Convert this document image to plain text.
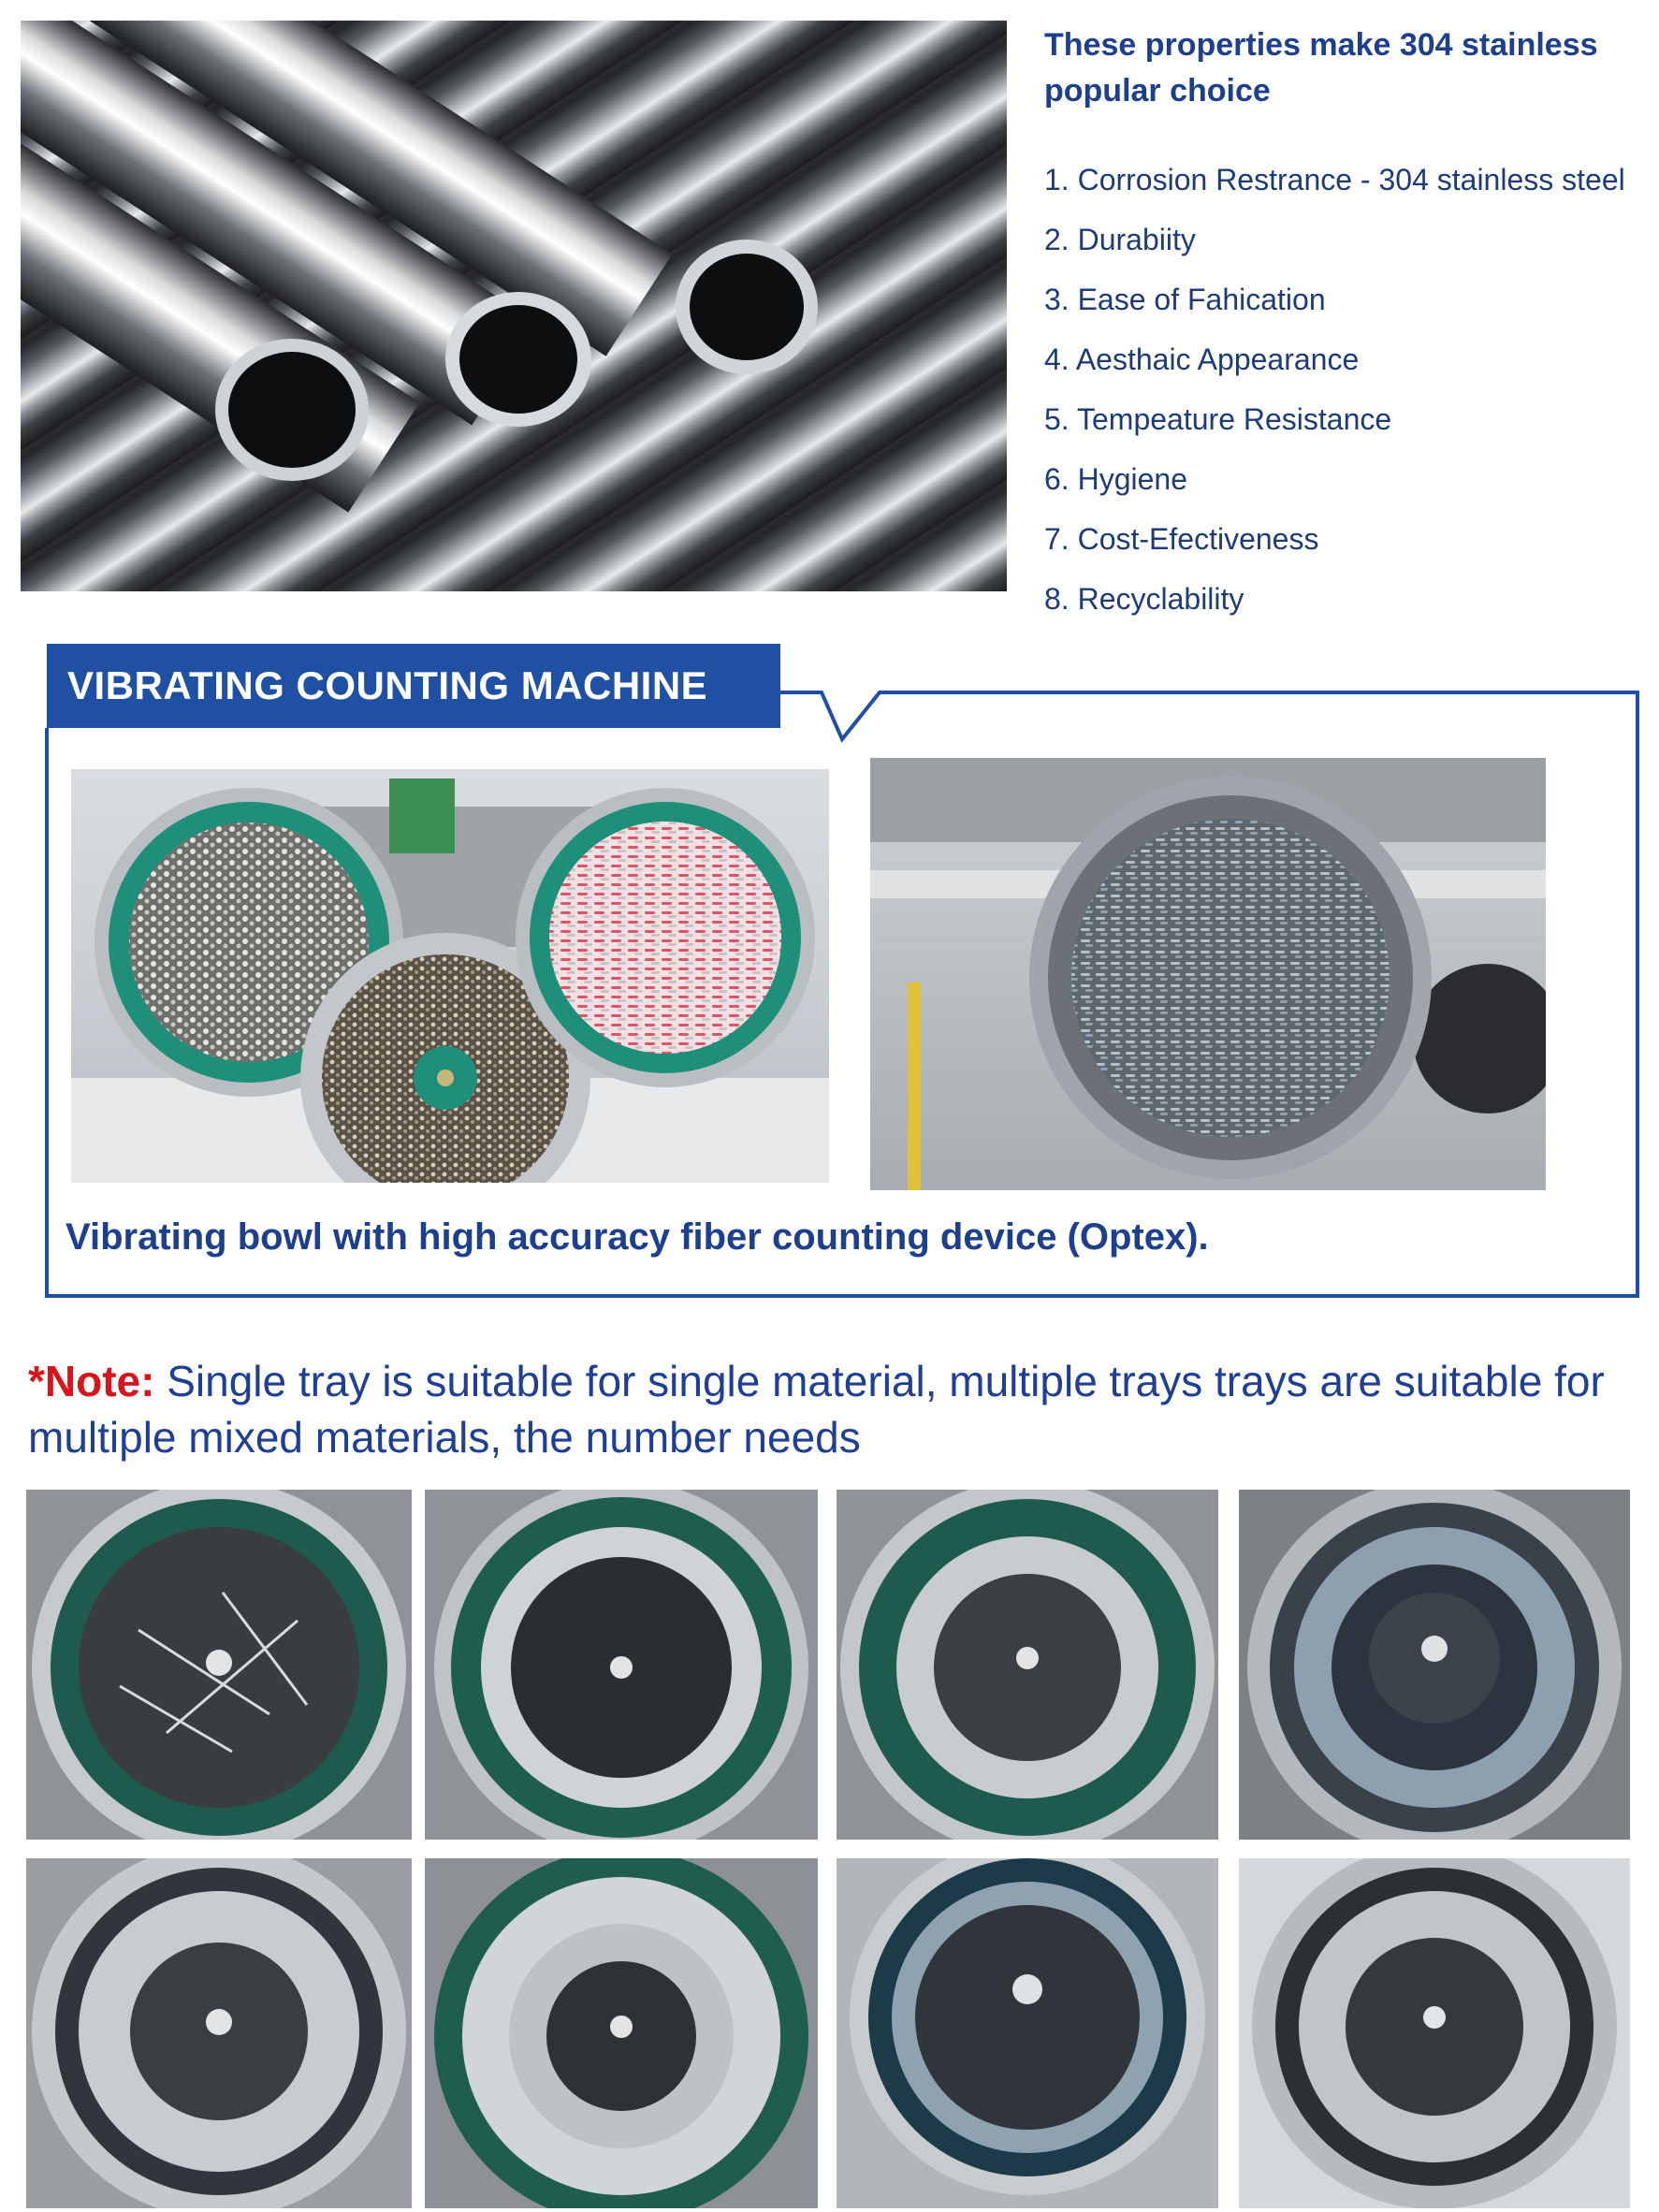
These properties make 304 stainless popular choice
1. Corrosion Restrance - 304 stainless steel
2. Durabiity
3. Ease of Fahication
4. Aesthaic Appearance
5. Tempeature Resistance
6. Hygiene
7. Cost-Efectiveness
8. Recyclability
VIBRATING COUNTING MACHINE
Vibrating bowl with high accuracy fiber counting device (Optex).
*Note: Single tray is suitable for single material, multiple trays trays are suitable for multiple mixed materials, the number needs
